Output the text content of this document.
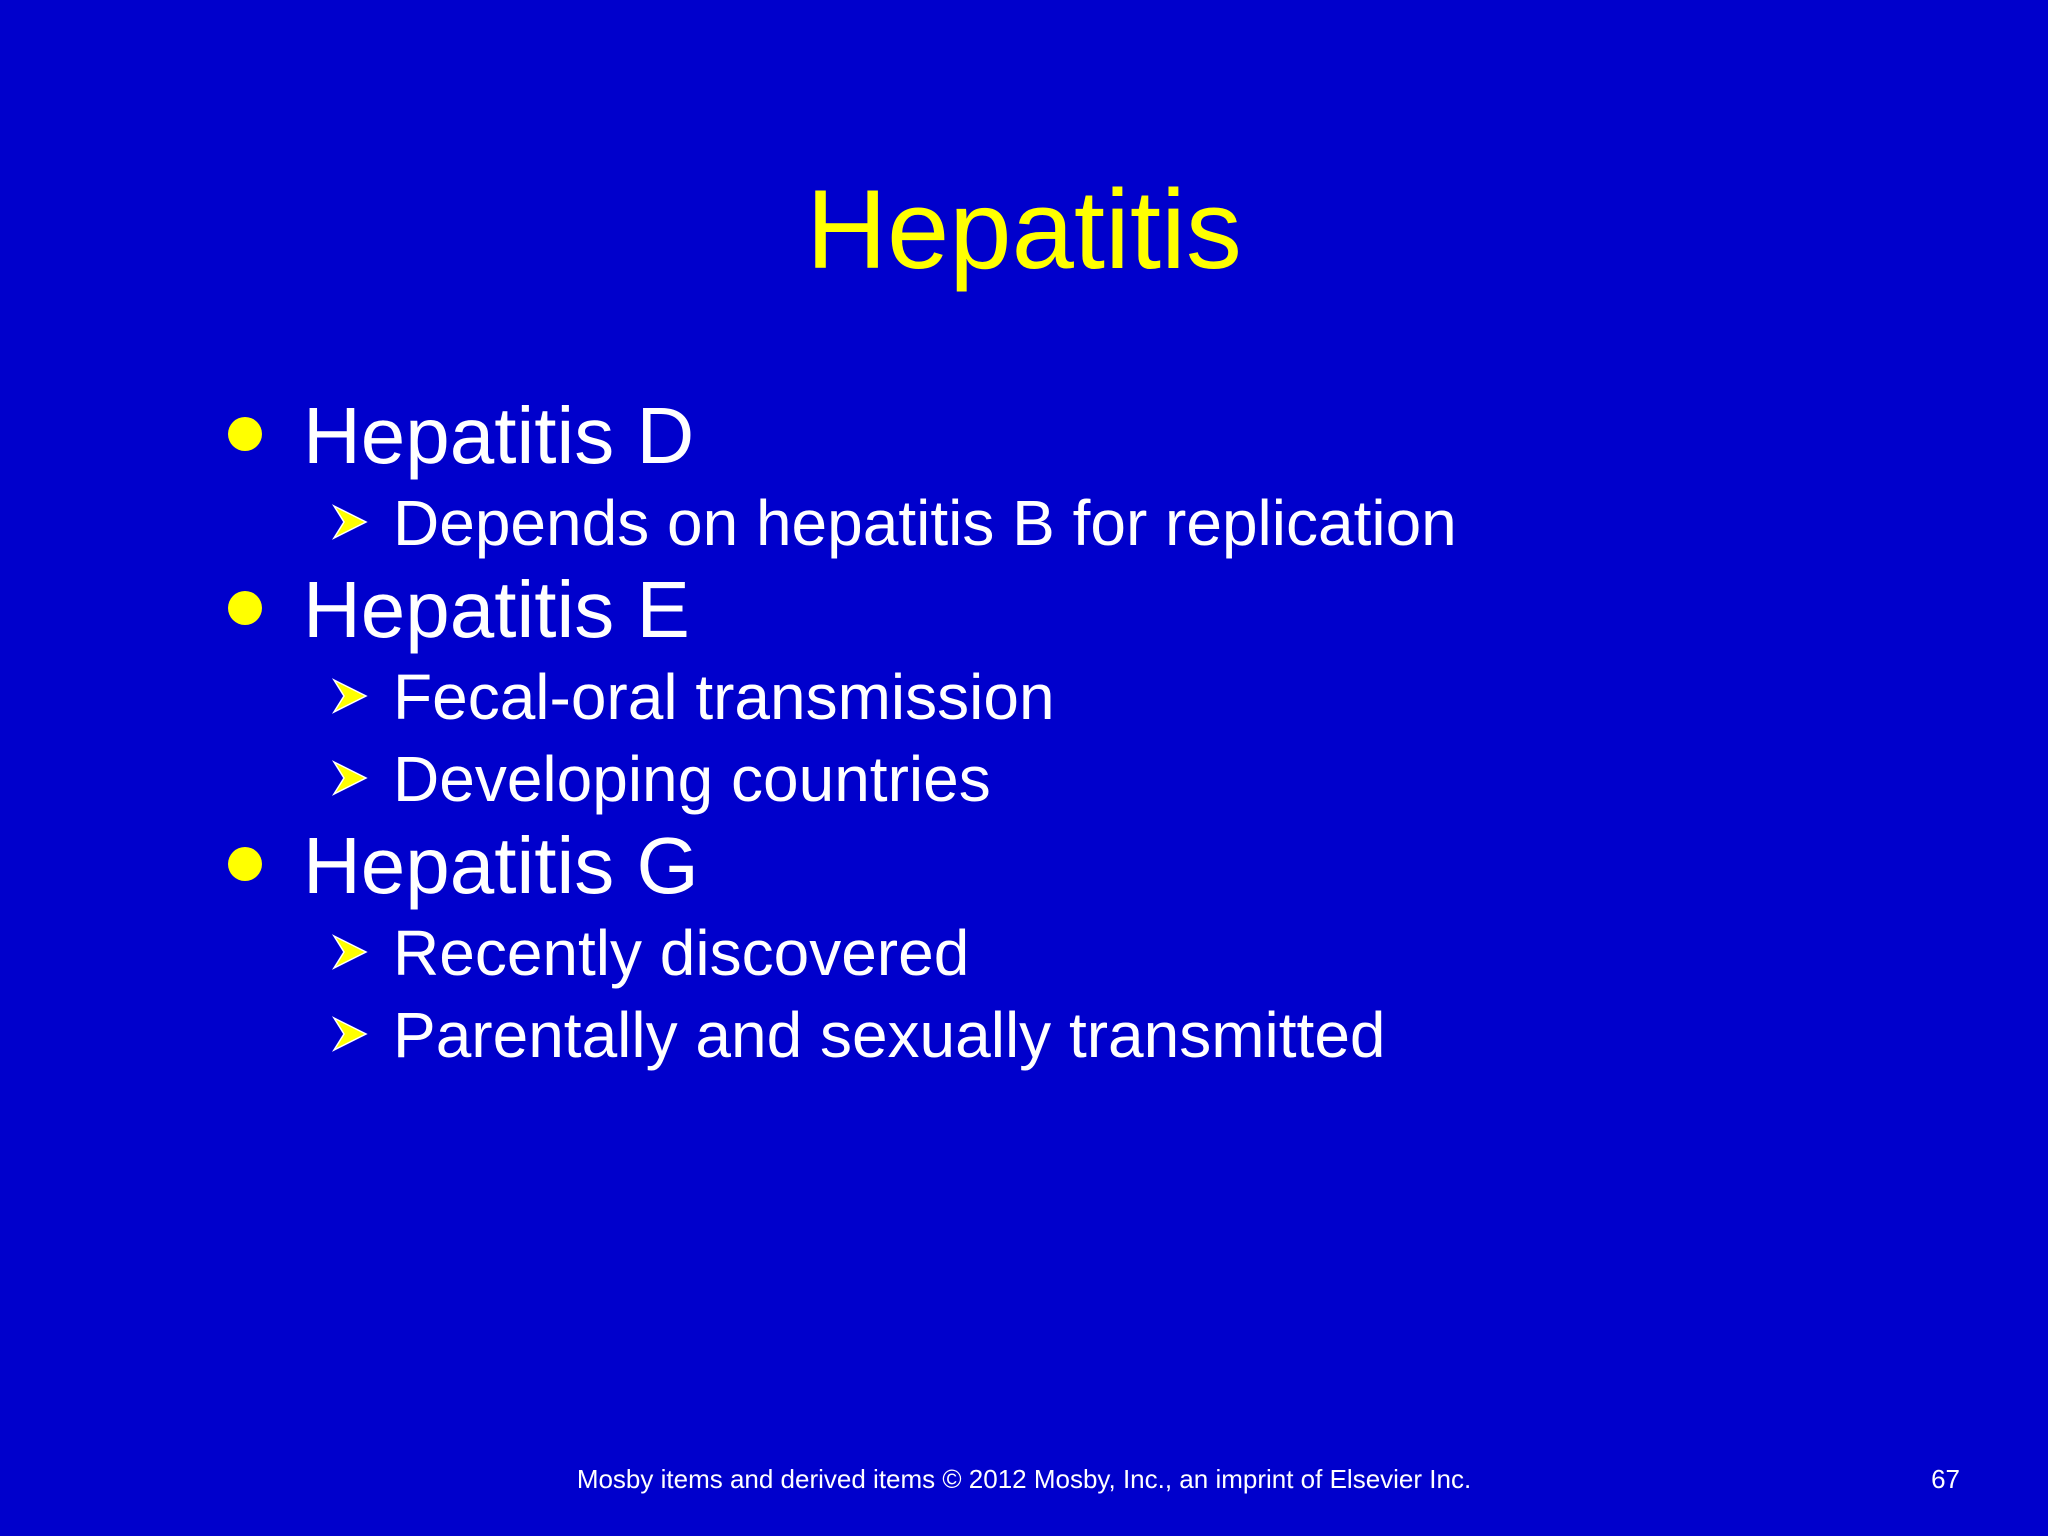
Hepatitis
Hepatitis D
Depends on hepatitis B for replication
Hepatitis E
Fecal-oral transmission
Developing countries
Hepatitis G
Recently discovered
Parentally and sexually transmitted
Mosby items and derived items © 2012 Mosby, Inc., an imprint of Elsevier Inc.	67
